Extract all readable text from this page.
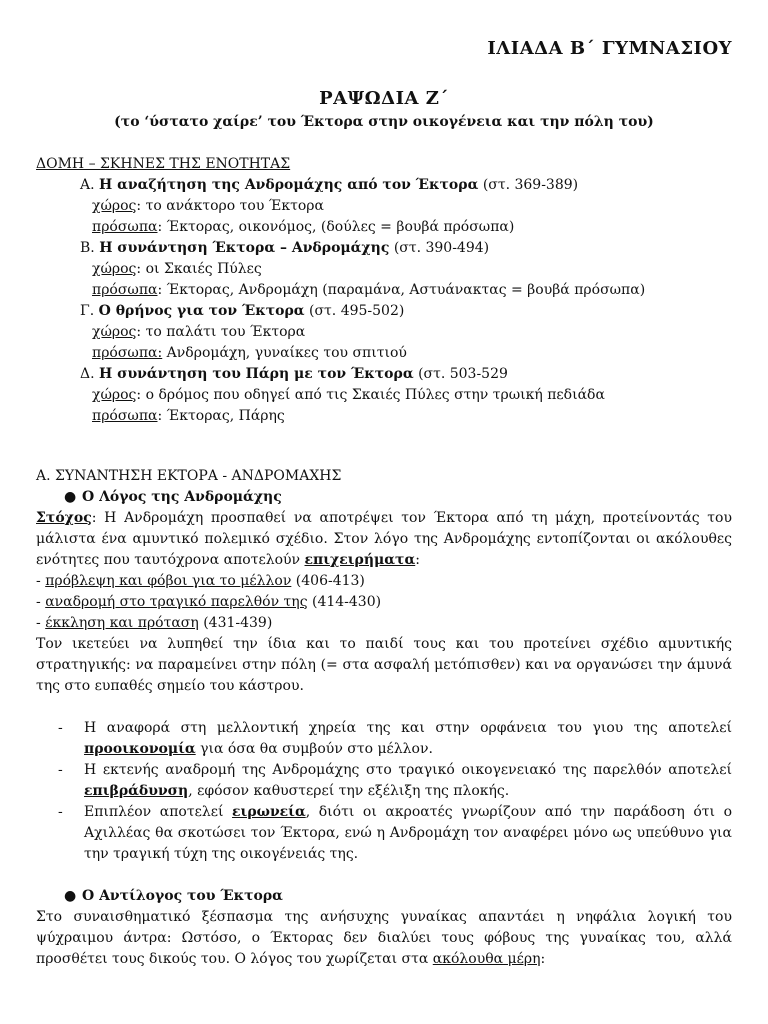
ΙΛΙΑΔΑ Β΄ ΓΥΜΝΑΣΙΟΥ
ΡΑΨΩΔΙΑ Ζ΄
(το ‘ύστατο χαίρε’ του Έκτορα στην οικογένεια και την πόλη του)
ΔΟΜΗ – ΣΚΗΝΕΣ ΤΗΣ ΕΝΟΤΗΤΑΣ
Α. Η αναζήτηση της Ανδρομάχης από τον Έκτορα (στ. 369-389)
χώρος: το ανάκτορο του Έκτορα
πρόσωπα: Έκτορας, οικονόμος, (δούλες = βουβά πρόσωπα)
Β. Η συνάντηση Έκτορα – Ανδρομάχης (στ. 390-494)
χώρος: οι Σκαιές Πύλες
πρόσωπα: Έκτορας, Ανδρομάχη (παραμάνα, Αστυάνακτας = βουβά πρόσωπα)
Γ. Ο θρήνος για τον Έκτορα (στ. 495-502)
χώρος: το παλάτι του Έκτορα
πρόσωπα: Ανδρομάχη, γυναίκες του σπιτιού
Δ. Η συνάντηση του Πάρη με τον Έκτορα (στ. 503-529
χώρος: ο δρόμος που οδηγεί από τις Σκαιές Πύλες στην τρωική πεδιάδα
πρόσωπα: Έκτορας, Πάρης
Α. ΣΥΝΑΝΤΗΣΗ ΕΚΤΟΡΑ - ΑΝΔΡΟΜΑΧΗΣ
● Ο Λόγος της Ανδρομάχης

Στόχος: Η Ανδρομάχη προσπαθεί να αποτρέψει τον Έκτορα από τη μάχη, προτείνοντάς του μάλιστα ένα αμυντικό πολεμικό σχέδιο. Στον λόγο της Ανδρομάχης εντοπίζονται οι ακόλουθες ενότητες που ταυτόχρονα αποτελούν επιχειρήματα:

- πρόβλεψη και φόβοι για το μέλλον (406-413)
- αναδρομή στο τραγικό παρελθόν της (414-430)
- έκκληση και πρόταση (431-439)

Τον ικετεύει να λυπηθεί την ίδια και το παιδί τους και του προτείνει σχέδιο αμυντικής στρατηγικής: να παραμείνει στην πόλη (= στα ασφαλή μετόπισθεν) και να οργανώσει την άμυνά της στο ευπαθές σημείο του κάστρου.

- Η αναφορά στη μελλοντική χηρεία της και στην ορφάνεια του γιου της αποτελεί προοικονομία για όσα θα συμβούν στο μέλλον.
- Η εκτενής αναδρομή της Ανδρομάχης στο τραγικό οικογενειακό της παρελθόν αποτελεί επιβράδυνση, εφόσον καθυστερεί την εξέλιξη της πλοκής.
- Επιπλέον αποτελεί ειρωνεία, διότι οι ακροατές γνωρίζουν από την παράδοση ότι ο Αχιλλέας θα σκοτώσει τον Έκτορα, ενώ η Ανδρομάχη τον αναφέρει μόνο ως υπεύθυνο για την τραγική τύχη της οικογένειάς της.
● Ο Αντίλογος του Έκτορα

Στο συναισθηματικό ξέσπασμα της ανήσυχης γυναίκας απαντάει η νηφάλια λογική του ψύχραιμου άντρα: Ωστόσο, ο Έκτορας δεν διαλύει τους φόβους της γυναίκας του, αλλά προσθέτει τους δικούς του. Ο λόγος του χωρίζεται στα ακόλουθα μέρη:
